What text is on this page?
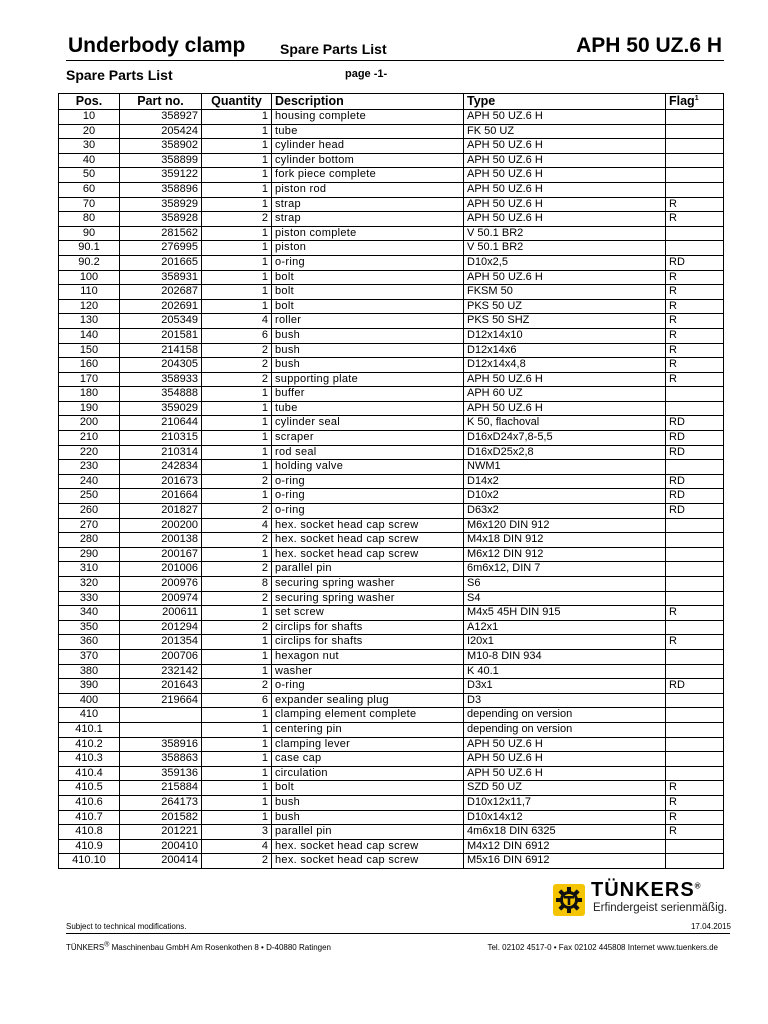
Underbody clamp Spare Parts List	APH 50 UZ.6 H
Spare Parts List	page -1-
Pos.	Part no.	Quantity	Description	Type	Flag$^1$
10	358927	1	housing complete	APH 50 UZ.6 H	
20	205424	1	tube	FK 50 UZ	
30	358902	1	cylinder head	APH 50 UZ.6 H	
40	358899	1	cylinder bottom	APH 50 UZ.6 H	
50	359122	1	fork piece complete	APH 50 UZ.6 H	
60	358896	1	piston rod	APH 50 UZ.6 H	
70	358929	1	strap	APH 50 UZ.6 H	R
80	358928	2	strap	APH 50 UZ.6 H	R
90	281562	1	piston complete	V 50.1 BR2	
90.1	276995	1	piston	V 50.1 BR2	
90.2	201665	1	o-ring	D10x2,5	RD
100	358931	1	bolt	APH 50 UZ.6 H	R
110	202687	1	bolt	FKSM 50	R
120	202691	1	bolt	PKS 50 UZ	R
130	205349	4	roller	PKS 50 SHZ	R
140	201581	6	bush	D12x14x10	R
150	214158	2	bush	D12x14x6	R
160	204305	2	bush	D12x14x4,8	R
170	358933	2	supporting plate	APH 50 UZ.6 H	R
180	354888	1	buffer	APH 60 UZ	
190	359029	1	tube	APH 50 UZ.6 H	
200	210644	1	cylinder seal	K 50, flachoval	RD
210	210315	1	scraper	D16xD24x7,8-5,5	RD
220	210314	1	rod seal	D16xD25x2,8	RD
230	242834	1	holding valve	NWM1	
240	201673	2	o-ring	D14x2	RD
250	201664	1	o-ring	D10x2	RD
260	201827	2	o-ring	D63x2	RD
270	200200	4	hex. socket head cap screw	M6x120 DIN 912	
280	200138	2	hex. socket head cap screw	M4x18 DIN 912	
290	200167	1	hex. socket head cap screw	M6x12 DIN 912	
310	201006	2	parallel pin	6m6x12, DIN 7	
320	200976	8	securing spring washer	S6	
330	200974	2	securing spring washer	S4	
340	200611	1	set screw	M4x5 45H DIN 915	R
350	201294	2	circlips for shafts	A12x1	
360	201354	1	circlips for shafts	I20x1	R
370	200706	1	hexagon nut	M10-8 DIN 934	
380	232142	1	washer	K 40.1	
390	201643	2	o-ring	D3x1	RD
400	219664	6	expander sealing plug	D3	
410		1	clamping element complete	depending on version	
410.1		1	centering pin	depending on version	
410.2	358916	1	clamping lever	APH 50 UZ.6 H	
410.3	358863	1	case cap	APH 50 UZ.6 H	
410.4	359136	1	circulation	APH 50 UZ.6 H	
410.5	215884	1	bolt	SZD 50 UZ	R
410.6	264173	1	bush	D10x12x11,7	R
410.7	201582	1	bush	D10x14x12	R
410.8	201221	3	parallel pin	4m6x18 DIN 6325	R
410.9	200410	4	hex. socket head cap screw	M4x12 DIN 6912	
410.10	200414	2	hex. socket head cap screw	M5x16 DIN 6912	
TÜNKERS®
Erfindergeist serienmäßig.
Subject to technical modifications.	17.04.2015
TÜNKERS® Maschinenbau GmbH Am Rosenkothen 8 • D-40880 Ratingen	Tel. 02102 4517-0 • Fax 02102 445808 Internet www.tuenkers.de
